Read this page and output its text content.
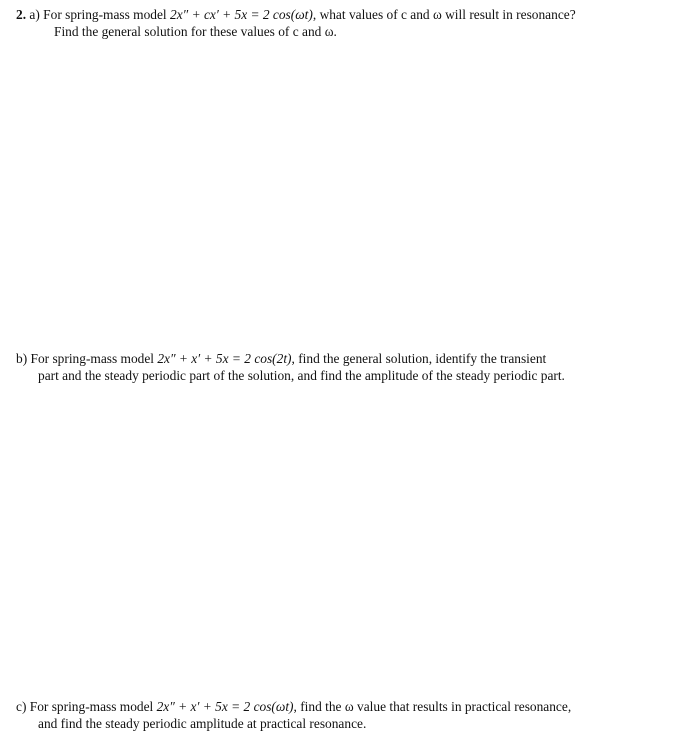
2. a) For spring-mass model 2x″ + cx′ + 5x = 2 cos(ωt), what values of c and ω will result in resonance?
Find the general solution for these values of c and ω.
b) For spring-mass model 2x″ + x′ + 5x = 2 cos(2t), find the general solution, identify the transient
part and the steady periodic part of the solution, and find the amplitude of the steady periodic part.
c) For spring-mass model 2x″ + x′ + 5x = 2 cos(ωt), find the ω value that results in practical resonance,
and find the steady periodic amplitude at practical resonance.
